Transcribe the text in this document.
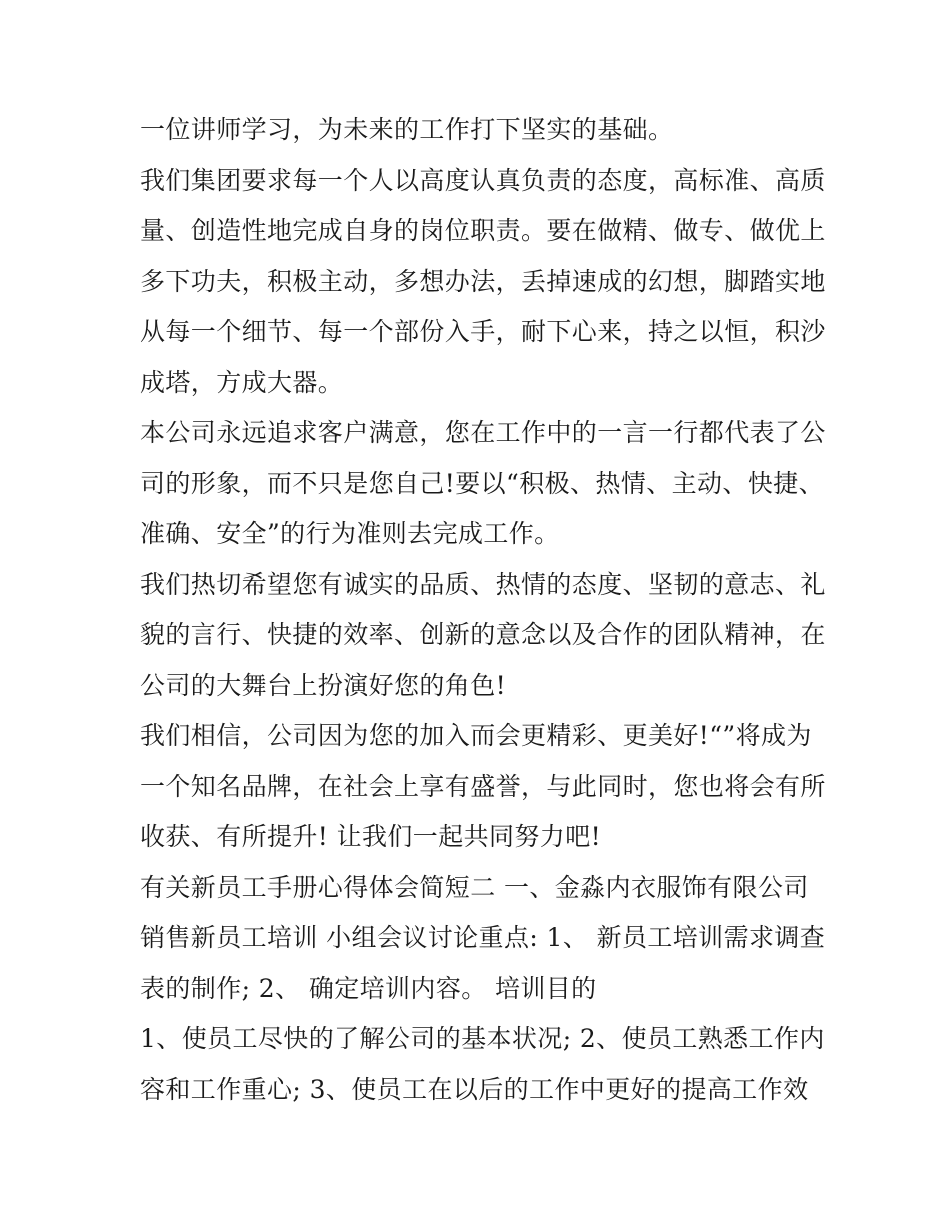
一位讲师学习，为未来的工作打下坚实的基础。
我们集团要求每一个人以高度认真负责的态度，高标准、高质
量、创造性地完成自身的岗位职责。要在做精、做专、做优上
多下功夫，积极主动，多想办法，丢掉速成的幻想，脚踏实地
从每一个细节、每一个部份入手，耐下心来，持之以恒，积沙
成塔，方成大器。
本公司永远追求客户满意，您在工作中的一言一行都代表了公
司的形象，而不只是您自己!要以“积极、热情、主动、快捷、
准确、安全”的行为准则去完成工作。
我们热切希望您有诚实的品质、热情的态度、坚韧的意志、礼
貌的言行、快捷的效率、创新的意念以及合作的团队精神，在
公司的大舞台上扮演好您的角色!
我们相信，公司因为您的加入而会更精彩、更美好!“”将成为
一个知名品牌，在社会上享有盛誉，与此同时，您也将会有所
收获、有所提升! 让我们一起共同努力吧!
有关新员工手册心得体会简短二 一、金淼内衣服饰有限公司
销售新员工培训 小组会议讨论重点: 1、 新员工培训需求调查
表的制作; 2、 确定培训内容。 培训目的
1、使员工尽快的了解公司的基本状况; 2、使员工熟悉工作内
容和工作重心; 3、使员工在以后的工作中更好的提高工作效
